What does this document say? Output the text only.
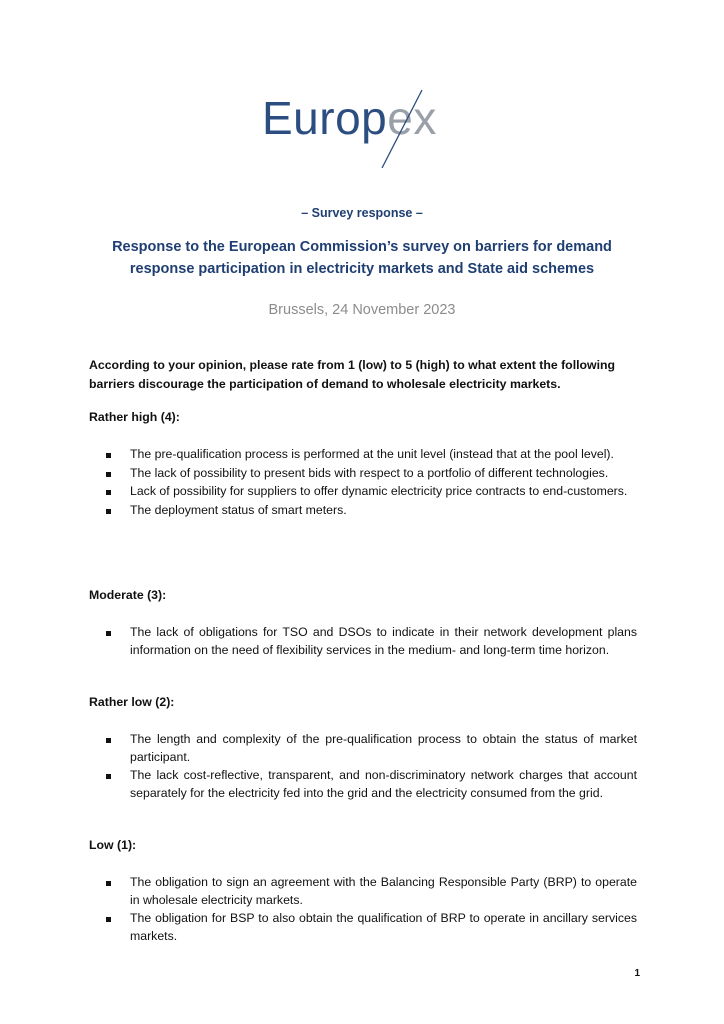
Europex
– Survey response –
Response to the European Commission’s survey on barriers for demand response participation in electricity markets and State aid schemes
Brussels, 24 November 2023
According to your opinion, please rate from 1 (low) to 5 (high) to what extent the following barriers discourage the participation of demand to wholesale electricity markets.
Rather high (4):
The pre-qualification process is performed at the unit level (instead that at the pool level).
The lack of possibility to present bids with respect to a portfolio of different technologies.
Lack of possibility for suppliers to offer dynamic electricity price contracts to end-customers.
The deployment status of smart meters.
Moderate (3):
The lack of obligations for TSO and DSOs to indicate in their network development plans information on the need of flexibility services in the medium- and long-term time horizon.
Rather low (2):
The length and complexity of the pre-qualification process to obtain the status of market participant.
The lack cost-reflective, transparent, and non-discriminatory network charges that account separately for the electricity fed into the grid and the electricity consumed from the grid.
Low (1):
The obligation to sign an agreement with the Balancing Responsible Party (BRP) to operate in wholesale electricity markets.
The obligation for BSP to also obtain the qualification of BRP to operate in ancillary services markets.
1
